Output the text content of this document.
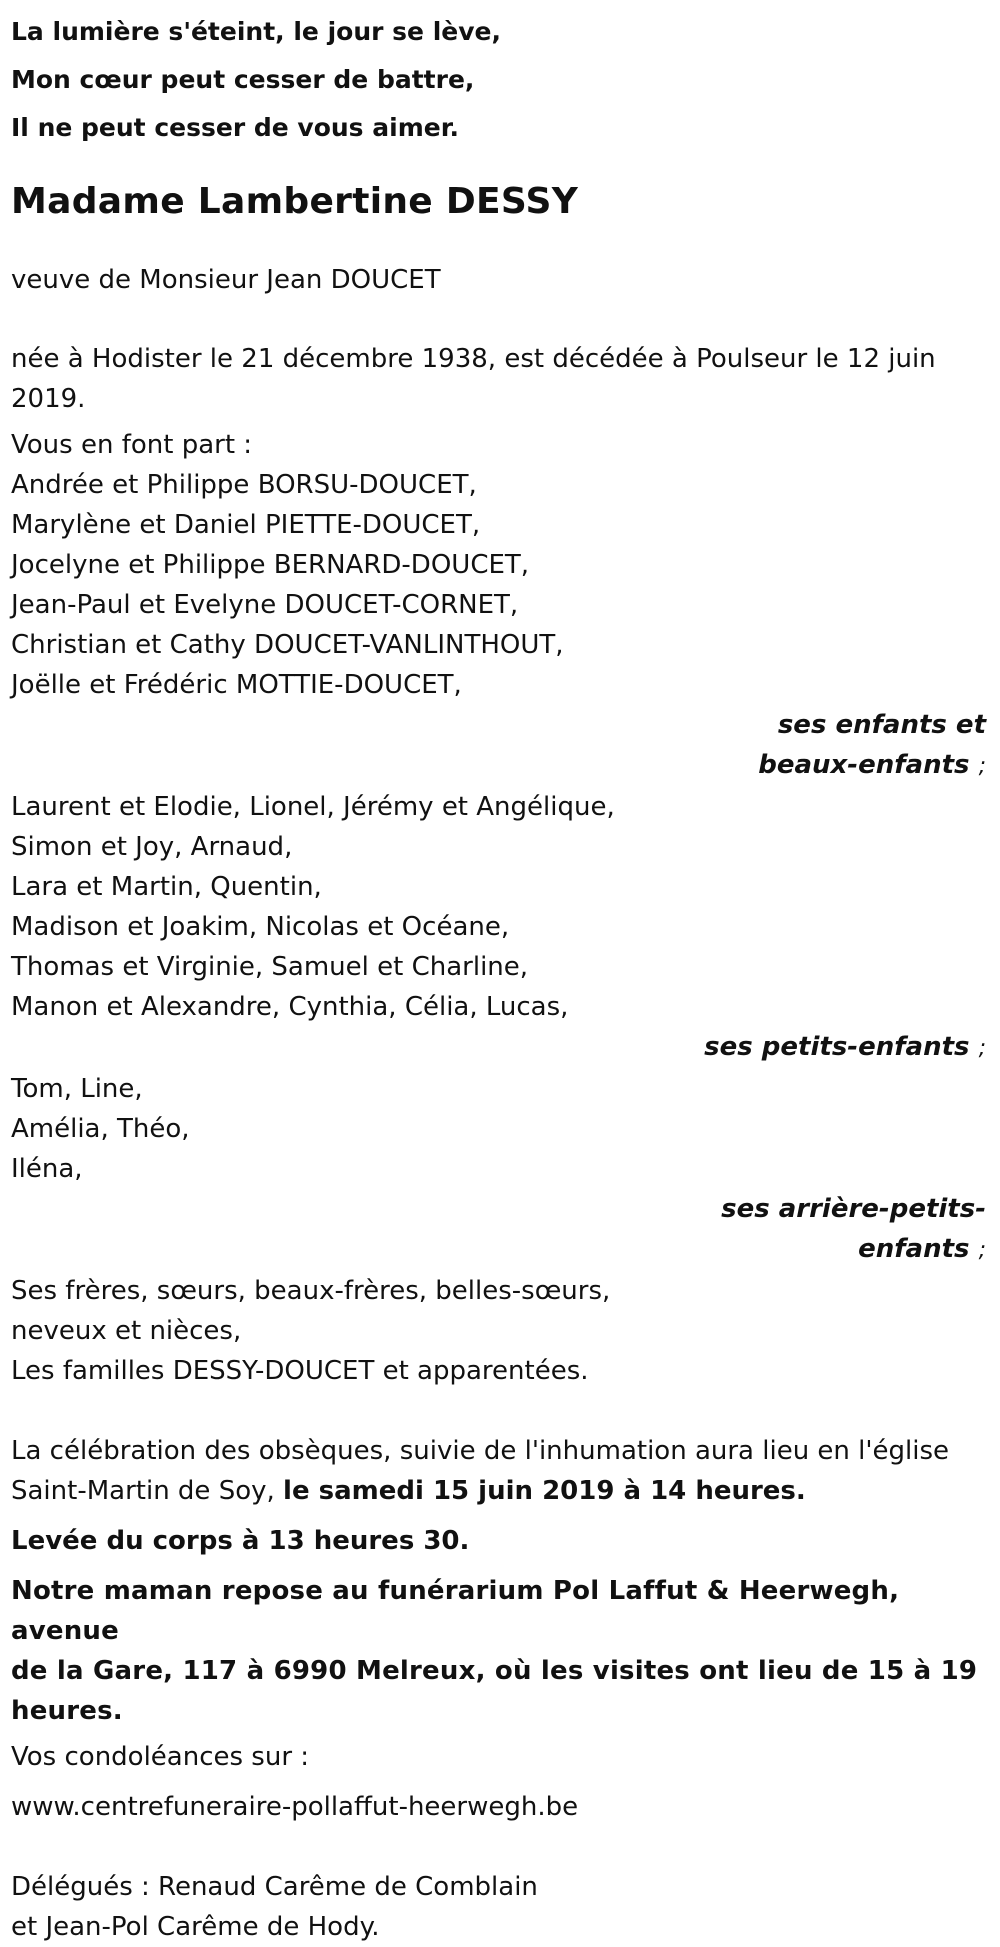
La lumière s'éteint, le jour se lève,
Mon cœur peut cesser de battre,
Il ne peut cesser de vous aimer.
Madame Lambertine DESSY
veuve de Monsieur Jean DOUCET
née à Hodister le 21 décembre 1938, est décédée à Poulseur le 12 juin
2019.
Vous en font part :
Andrée et Philippe BORSU-DOUCET,
Marylène et Daniel PIETTE-DOUCET,
Jocelyne et Philippe BERNARD-DOUCET,
Jean-Paul et Evelyne DOUCET-CORNET,
Christian et Cathy DOUCET-VANLINTHOUT,
Joëlle et Frédéric MOTTIE-DOUCET,
ses enfants et
beaux-enfants ;
Laurent et Elodie, Lionel, Jérémy et Angélique,
Simon et Joy, Arnaud,
Lara et Martin, Quentin,
Madison et Joakim, Nicolas et Océane,
Thomas et Virginie, Samuel et Charline,
Manon et Alexandre, Cynthia, Célia, Lucas,
ses petits-enfants ;
Tom, Line,
Amélia, Théo,
Iléna,
ses arrière-petits-
enfants ;
Ses frères, sœurs, beaux-frères, belles-sœurs,
neveux et nièces,
Les familles DESSY-DOUCET et apparentées.
La célébration des obsèques, suivie de l'inhumation aura lieu en l'église
Saint-Martin de Soy, le samedi 15 juin 2019 à 14 heures.
Levée du corps à 13 heures 30.
Notre maman repose au funérarium Pol Laffut & Heerwegh, avenue
de la Gare, 117 à 6990 Melreux, où les visites ont lieu de 15 à 19 heures.
Vos condoléances sur :
www.centrefuneraire-pollaffut-heerwegh.be
Délégués : Renaud Carême de Comblain
et Jean-Pol Carême de Hody.
